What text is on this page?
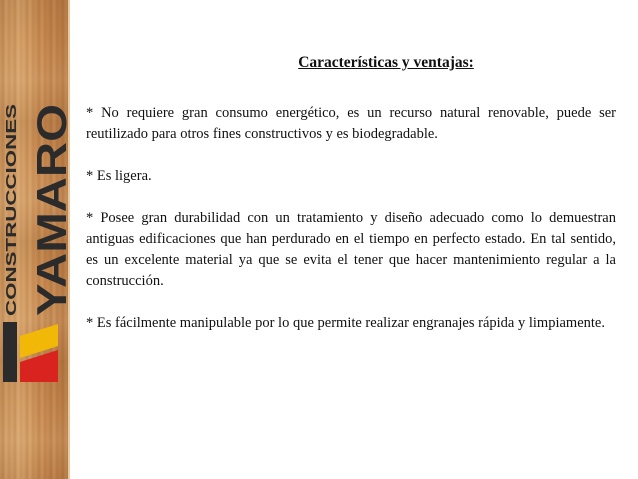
CONSTRUCCIONES YAMARO
Características y ventajas:

* No requiere gran consumo energético, es un recurso natural renovable, puede ser reutilizado para otros fines constructivos y es biodegradable.

* Es ligera.

* Posee gran durabilidad con un tratamiento y diseño adecuado como lo demuestran antiguas edificaciones que han perdurado en el tiempo en perfecto estado. En tal sentido, es un excelente material ya que se evita el tener que hacer mantenimiento regular a la construcción.

* Es fácilmente manipulable por lo que permite realizar engranajes rápida y limpiamente.
